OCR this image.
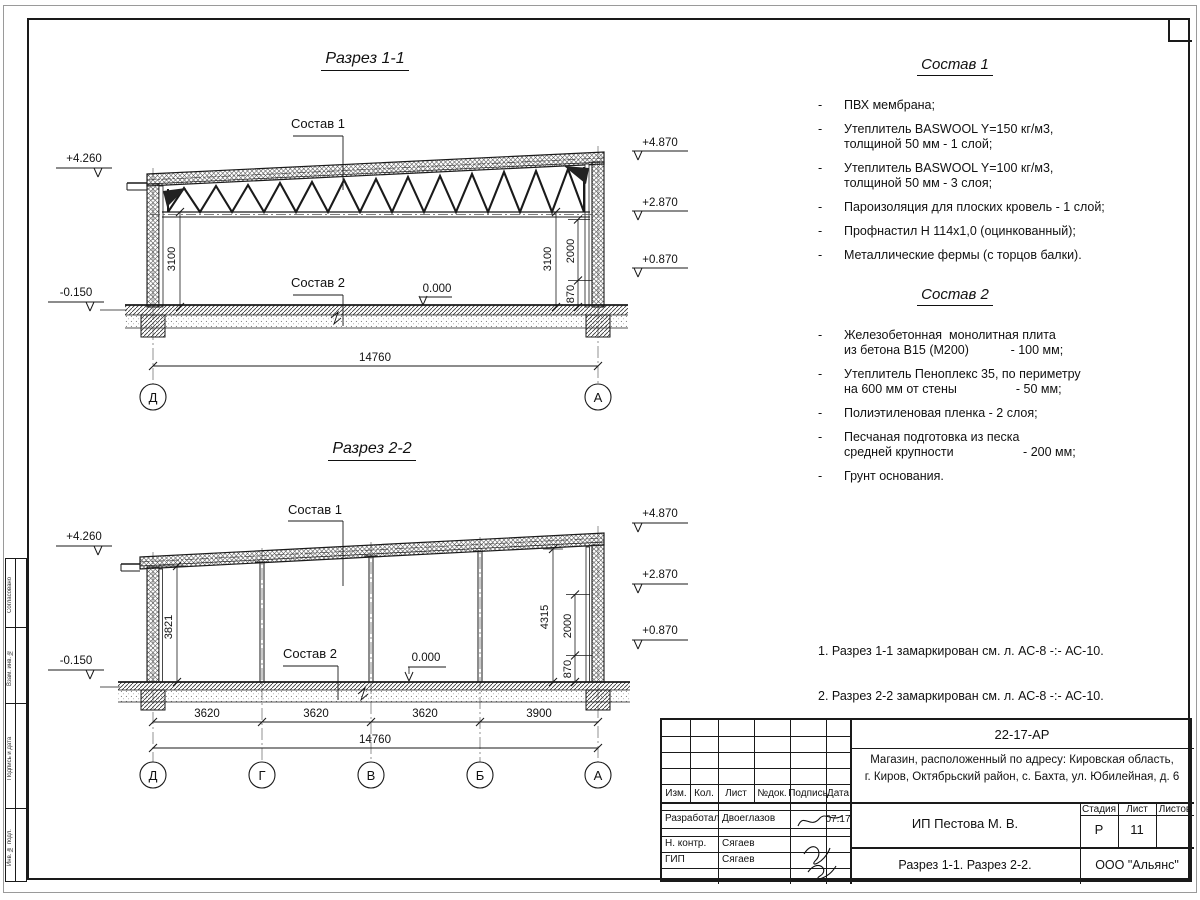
Согласовано
Взам. инв. №
Подпись и дата
Инв. № подл.
Разрез 1-1
Разрез 2-2
Состав 1
Состав 2
- ПВХ мембрана;
- Утеплитель BASWOOL Y=150 кг/м3,
толщиной 50 мм - 1 слой;
- Утеплитель BASWOOL Y=100 кг/м3,
толщиной 50 мм - 3 слоя;
- Пароизоляция для плоских кровель - 1 слой;
- Профнастил Н 114х1,0 (оцинкованный);
- Металлические фермы (с торцов балки).
- Железобетонная  монолитная плита
из бетона В15 (М200)            - 100 мм;
- Утеплитель Пеноплекс 35, по периметру
на 600 мм от стены                 - 50 мм;
- Полиэтиленовая пленка - 2 слоя;
- Песчаная подготовка из песка
средней крупности                    - 200 мм;
- Грунт основания.

1. Разрез 1-1 замаркирован см. л. АС-8 -:- АС-10.

2. Разрез 2-2 замаркирован см. л. АС-8 -:- АС-10.

Состав 1
Состав 2	0.000
+4.260
-0.150
+4.870
+2.870
+0.870
3100	3100 2000
870
14760
Д	А
Состав 1
Состав 2	0.000
+4.260
-0.150
+4.870
+2.870
+0.870
3821	4315 2000
870
3620	3620	3620	3900
14760
Д	Г	В	Б	А
Изм. Кол. Лист №док. Подпись Дата
Разработал Двоеглазов	07.17
Н. контр. Сягаев
ГИП	Сягаев
22-17-АР
Магазин, расположенный по адресу: Кировская область,
г. Киров, Октябрьский район, с. Бахта, ул. Юбилейная, д. 6
ИП Пестова М. В.
Разрез 1-1. Разрез 2-2.
Стадия Лист Листов
Р 11
ООО "Альянс"
